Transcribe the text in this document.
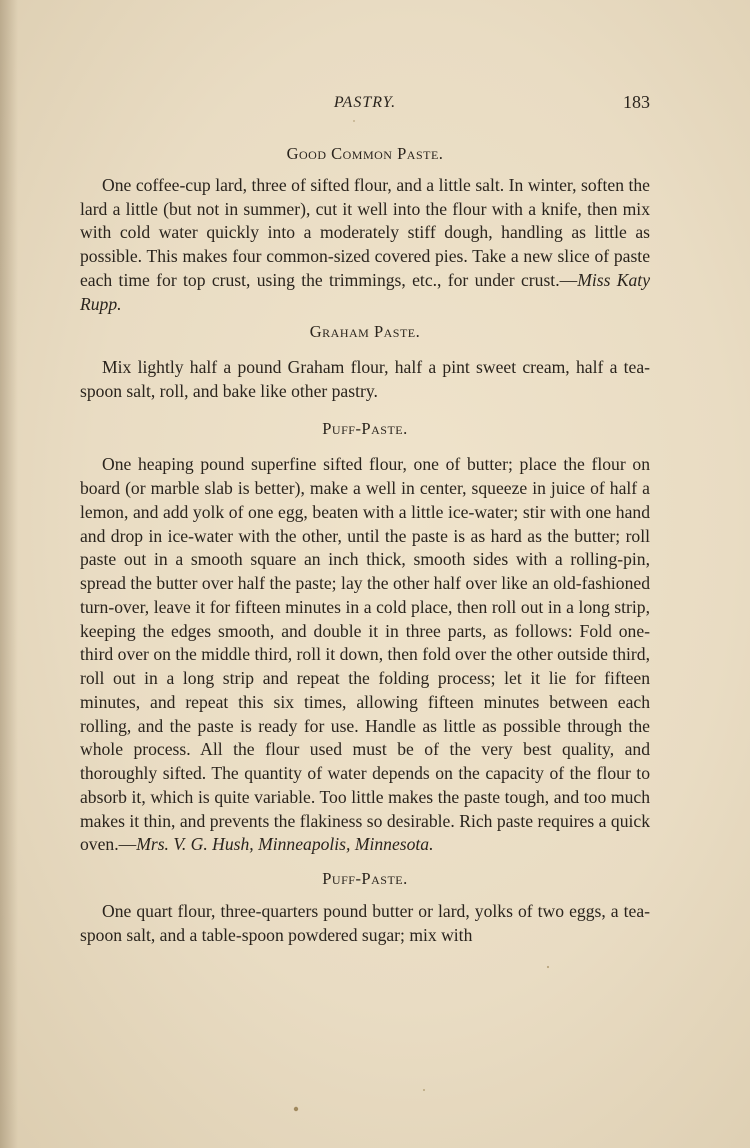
PASTRY.	183
Good Common Paste.

One coffee-cup lard, three of sifted flour, and a little salt. In winter, soften the lard a little (but not in summer), cut it well into the flour with a knife, then mix with cold water quickly into a moderately stiff dough, handling as little as possible. This makes four common-sized covered pies. Take a new slice of paste each time for top crust, using the trimmings, etc., for under crust.—Miss Katy Rupp.

Graham Paste.

Mix lightly half a pound Graham flour, half a pint sweet cream, half a tea-spoon salt, roll, and bake like other pastry.

Puff-Paste.

One heaping pound superfine sifted flour, one of butter; place the flour on board (or marble slab is better), make a well in center, squeeze in juice of half a lemon, and add yolk of one egg, beaten with a little ice-water; stir with one hand and drop in ice-water with the other, until the paste is as hard as the butter; roll paste out in a smooth square an inch thick, smooth sides with a rolling-pin, spread the butter over half the paste; lay the other half over like an old-fashioned turn-over, leave it for fifteen minutes in a cold place, then roll out in a long strip, keeping the edges smooth, and double it in three parts, as follows: Fold one-third over on the middle third, roll it down, then fold over the other outside third, roll out in a long strip and repeat the folding process; let it lie for fifteen minutes, and repeat this six times, allowing fifteen minutes between each rolling, and the paste is ready for use. Handle as little as possible through the whole process. All the flour used must be of the very best quality, and thoroughly sifted. The quantity of water depends on the capacity of the flour to absorb it, which is quite variable. Too little makes the paste tough, and too much makes it thin, and prevents the flakiness so desirable. Rich paste requires a quick oven.—Mrs. V. G. Hush, Minneapolis, Minnesota.

Puff-Paste.

One quart flour, three-quarters pound butter or lard, yolks of two eggs, a tea-spoon salt, and a table-spoon powdered sugar; mix with
